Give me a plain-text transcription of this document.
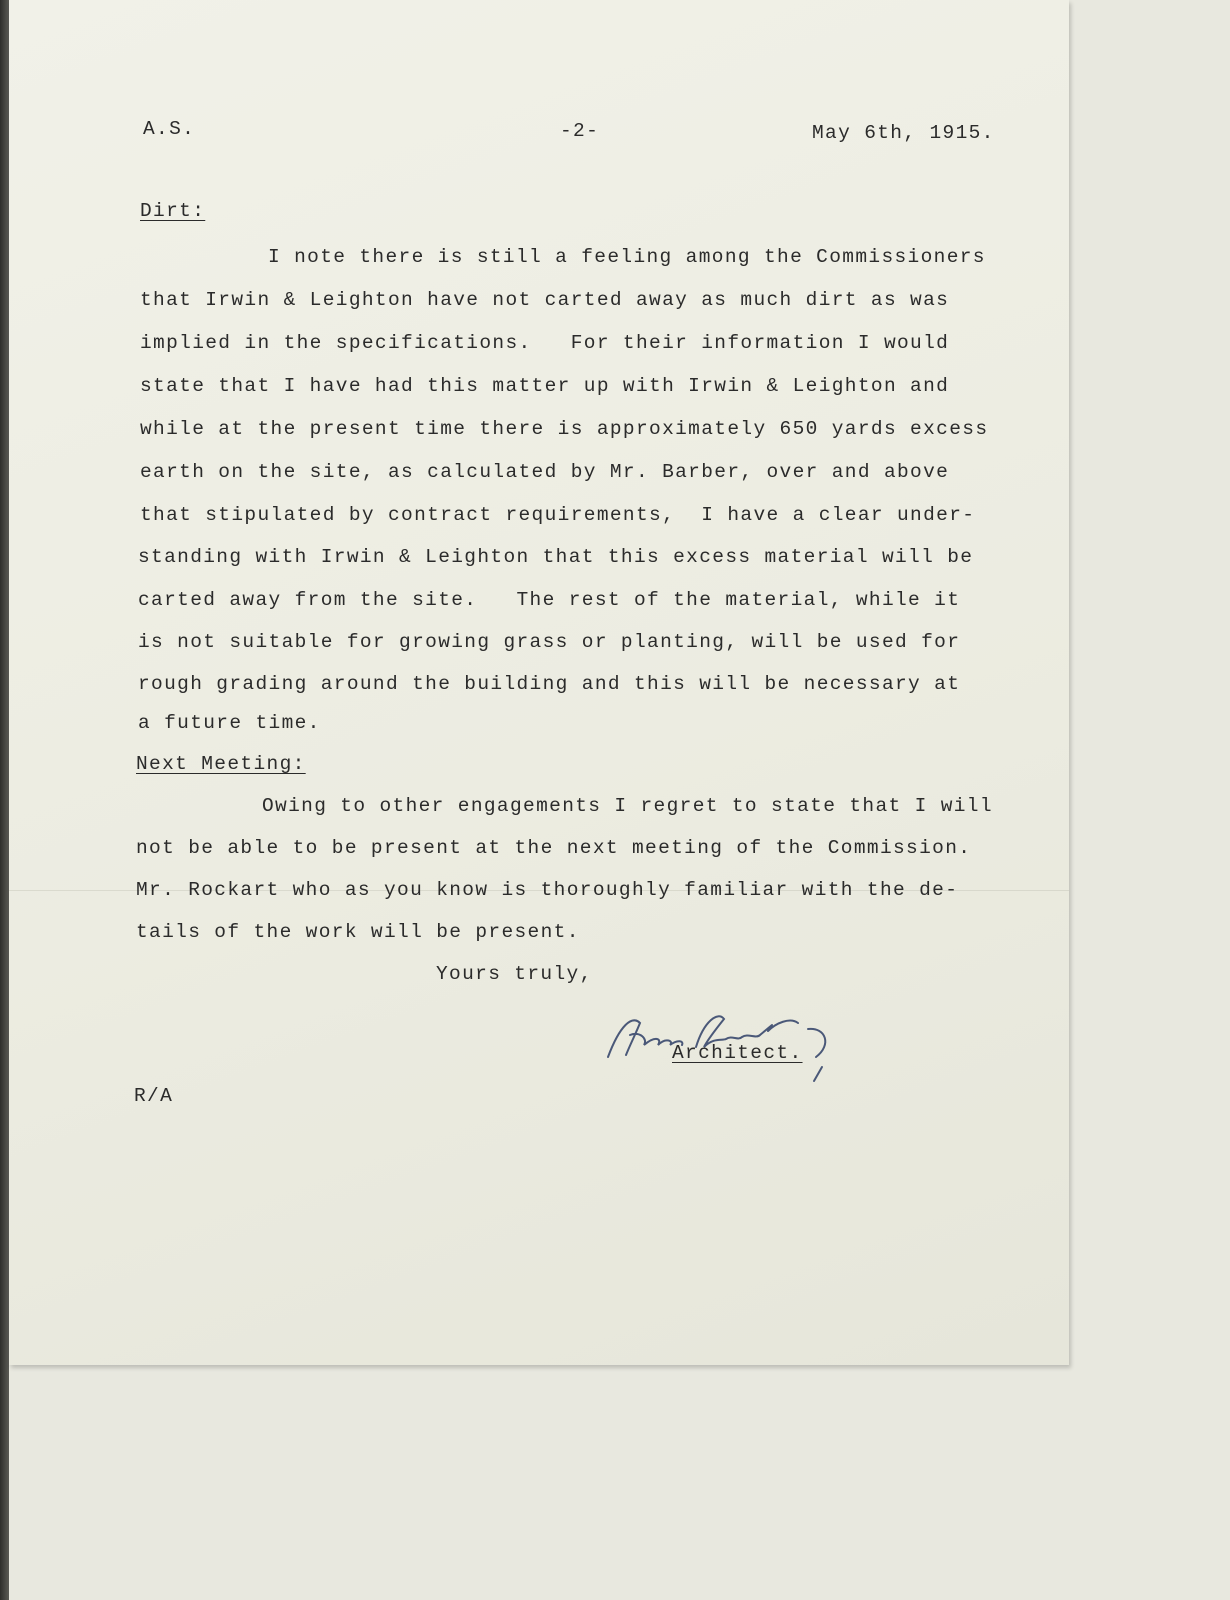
A.S.	-2-	May 6th, 1915.
Dirt:
I note there is still a feeling among the Commissioners
that Irwin & Leighton have not carted away as much dirt as was
implied in the specifications.   For their information I would
state that I have had this matter up with Irwin & Leighton and
while at the present time there is approximately 650 yards excess
earth on the site, as calculated by Mr. Barber, over and above
that stipulated by contract requirements,  I have a clear under-
standing with Irwin & Leighton that this excess material will be
carted away from the site.   The rest of the material, while it
is not suitable for growing grass or planting, will be used for
rough grading around the building and this will be necessary at
a future time.
Next Meeting:
Owing to other engagements I regret to state that I will
not be able to be present at the next meeting of the Commission.
Mr. Rockart who as you know is thoroughly familiar with the de-
tails of the work will be present.
Yours truly,
Architect.
R/A
